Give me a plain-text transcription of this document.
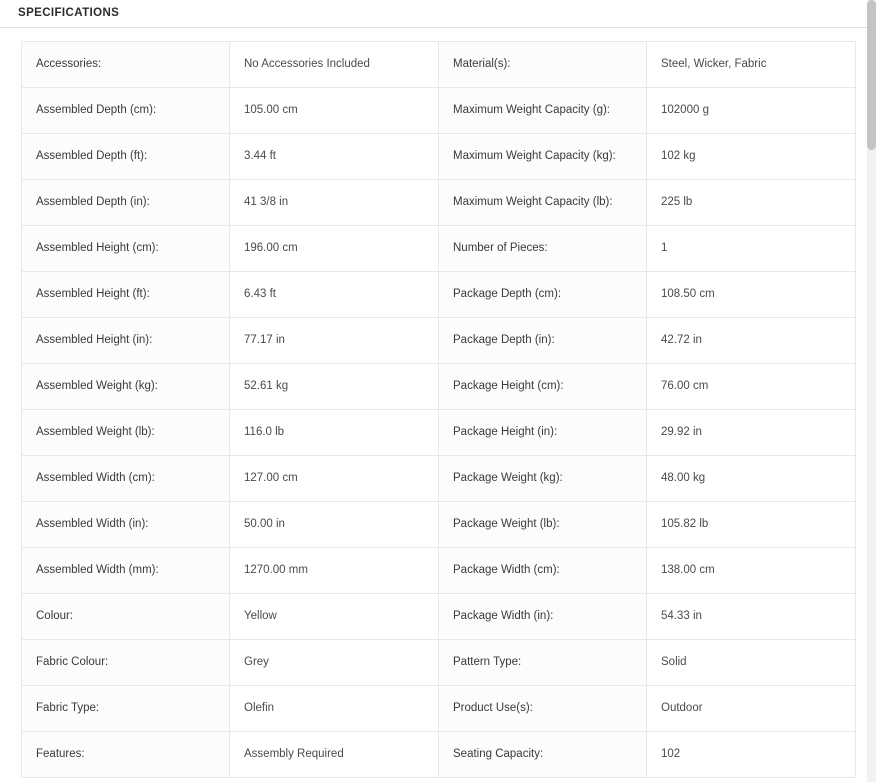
SPECIFICATIONS
Accessories:	No Accessories Included	Material(s):	Steel, Wicker, Fabric
Assembled Depth (cm):	105.00 cm	Maximum Weight Capacity (g):	102000 g
Assembled Depth (ft):	3.44 ft	Maximum Weight Capacity (kg):	102 kg
Assembled Depth (in):	41 3/8 in	Maximum Weight Capacity (lb):	225 lb
Assembled Height (cm):	196.00 cm	Number of Pieces:	1
Assembled Height (ft):	6.43 ft	Package Depth (cm):	108.50 cm
Assembled Height (in):	77.17 in	Package Depth (in):	42.72 in
Assembled Weight (kg):	52.61 kg	Package Height (cm):	76.00 cm
Assembled Weight (lb):	116.0 lb	Package Height (in):	29.92 in
Assembled Width (cm):	127.00 cm	Package Weight (kg):	48.00 kg
Assembled Width (in):	50.00 in	Package Weight (lb):	105.82 lb
Assembled Width (mm):	1270.00 mm	Package Width (cm):	138.00 cm
Colour:	Yellow	Package Width (in):	54.33 in
Fabric Colour:	Grey	Pattern Type:	Solid
Fabric Type:	Olefin	Product Use(s):	Outdoor
Features:	Assembly Required	Seating Capacity:	102
